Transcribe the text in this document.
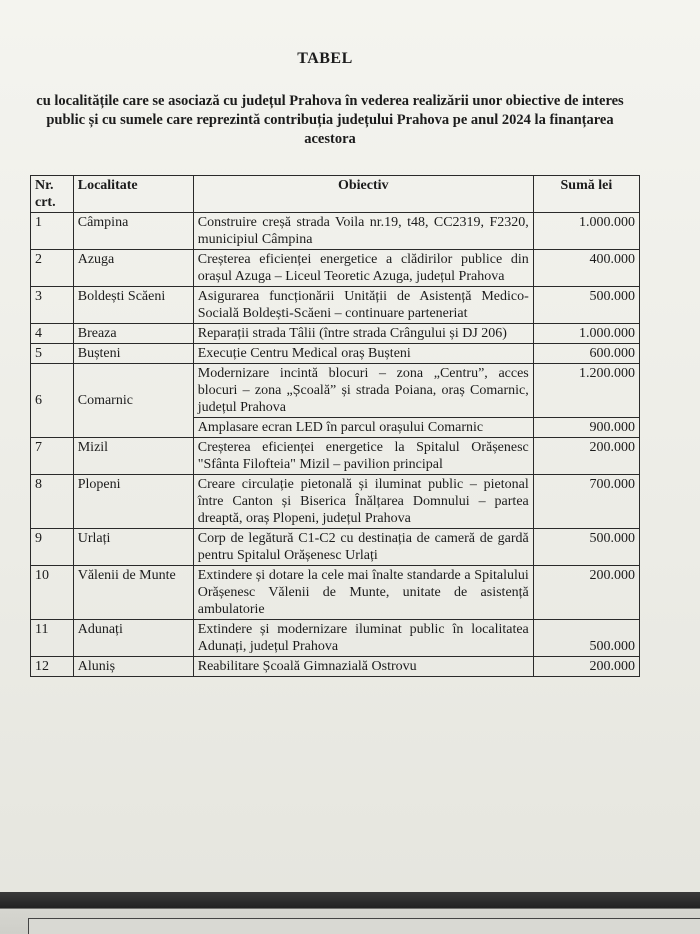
TABEL
cu localitățile care se asociază cu județul Prahova în vederea realizării unor obiective de interes public și cu sumele care reprezintă contribuția județului Prahova pe anul 2024 la finanțarea acestora
Nr. crt.	Localitate	Obiectiv	Sumă lei
1	Câmpina	Construire creșă strada Voila nr.19, t48, CC2319, F2320, municipiul Câmpina	1.000.000
2	Azuga	Creșterea eficienței energetice a clădirilor publice din orașul Azuga – Liceul Teoretic Azuga, județul Prahova	400.000
3	Boldești Scăeni	Asigurarea funcționării Unității de Asistență Medico-Socială Boldești-Scăeni – continuare parteneriat	500.000
4	Breaza	Reparații strada Tâlii (între strada Crângului și DJ 206)	1.000.000
5	Bușteni	Execuție Centru Medical oraș Bușteni	600.000
6	Comarnic	Modernizare incintă blocuri – zona „Centru”, acces blocuri – zona „Școală” și strada Poiana, oraș Comarnic, județul Prahova	1.200.000
		Amplasare ecran LED în parcul orașului Comarnic	900.000
7	Mizil	Creșterea eficienței energetice la Spitalul Orășenesc "Sfânta Filofteia" Mizil – pavilion principal	200.000
8	Plopeni	Creare circulație pietonală și iluminat public – pietonal între Canton și Biserica Înălțarea Domnului – partea dreaptă, oraș Plopeni, județul Prahova	700.000
9	Urlați	Corp de legătură C1-C2 cu destinația de cameră de gardă pentru Spitalul Orășenesc Urlați	500.000
10	Vălenii de Munte	Extindere și dotare la cele mai înalte standarde a Spitalului Orășenesc Vălenii de Munte, unitate de asistență ambulatorie	200.000
11	Adunați	Extindere și modernizare iluminat public în localitatea Adunați, județul Prahova	500.000
12	Aluniș	Reabilitare Școală Gimnazială Ostrovu	200.000
